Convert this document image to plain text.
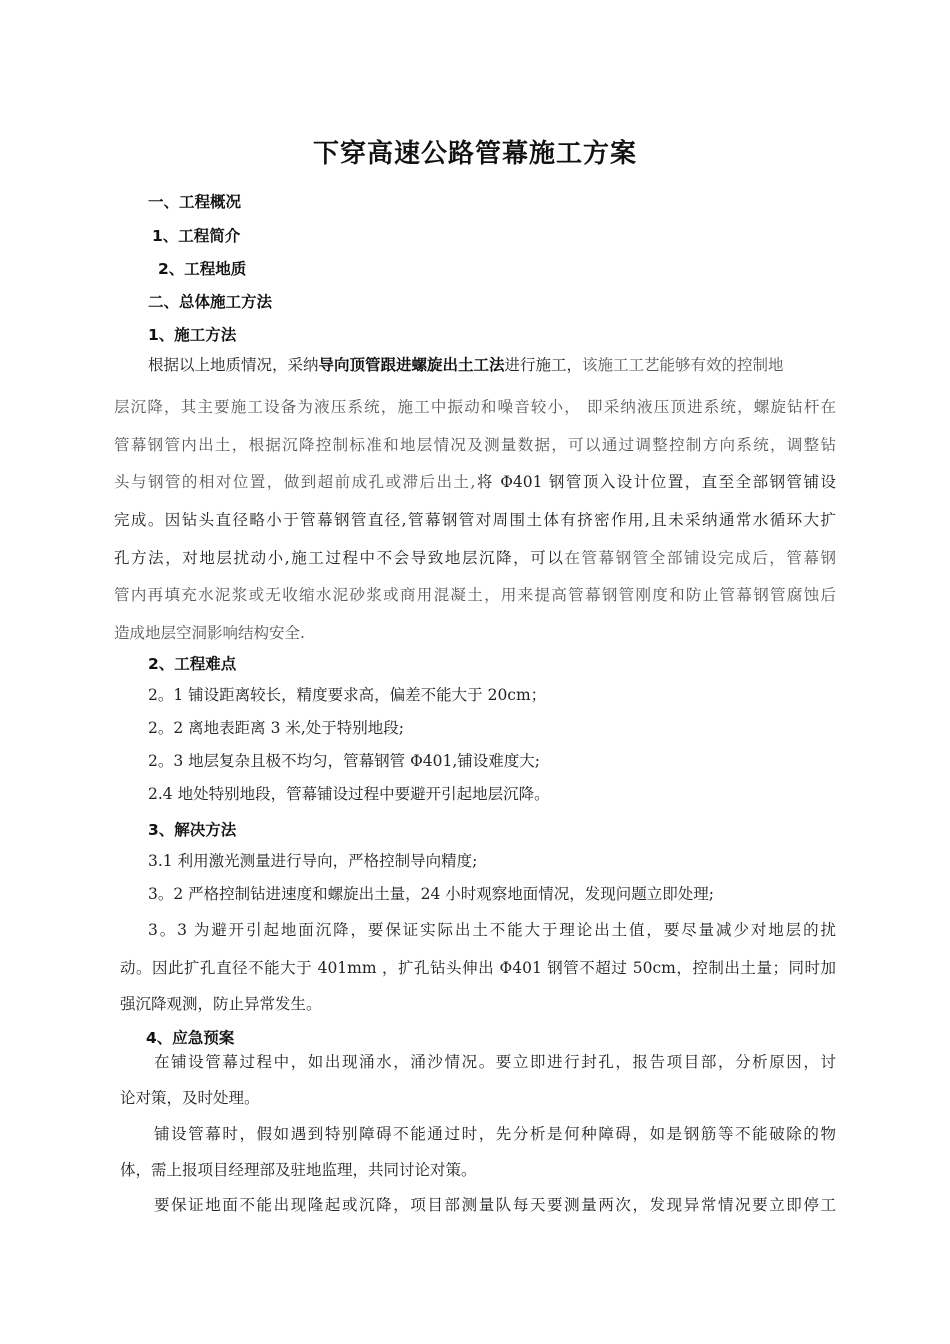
下穿高速公路管幕施工方案
一、工程概况
1、工程简介
2、工程地质
二、总体施工方法
1、施工方法
根据以上地质情况，采纳导向顶管跟进螺旋出土工法进行施工，该施工工艺能够有效的控制地
层沉降，其主要施工设备为液压系统，施工中振动和噪音较小， 即采纳液压顶进系统，螺旋钻杆在
管幕钢管内出土，根据沉降控制标准和地层情况及测量数据，可以通过调整控制方向系统，调整钻
头与钢管的相对位置，做到超前成孔或滞后出土,将 Φ401 钢管顶入设计位置，直至全部钢管铺设
完成。因钻头直径略小于管幕钢管直径,管幕钢管对周围土体有挤密作用,且未采纳通常水循环大扩
孔方法，对地层扰动小,施工过程中不会导致地层沉降，可以在管幕钢管全部铺设完成后，管幕钢
管内再填充水泥浆或无收缩水泥砂浆或商用混凝土，用来提高管幕钢管刚度和防止管幕钢管腐蚀后
造成地层空洞影响结构安全.
2、工程难点
2。1 铺设距离较长，精度要求高，偏差不能大于 20cm；
2。2 离地表距离 3 米,处于特别地段;
2。3 地层复杂且极不均匀，管幕钢管 Φ401,铺设难度大;
2.4 地处特别地段，管幕铺设过程中要避开引起地层沉降。
3、解决方法
3.1 利用激光测量进行导向，严格控制导向精度;
3。2 严格控制钻进速度和螺旋出土量，24 小时观察地面情况，发现问题立即处理;
3。3 为避开引起地面沉降，要保证实际出土不能大于理论出土值，要尽量减少对地层的扰
动。因此扩孔直径不能大于 401mm ，扩孔钻头伸出 Φ401 钢管不超过 50cm，控制出土量；同时加
强沉降观测，防止异常发生。
4、应急预案
在铺设管幕过程中，如出现涌水，涌沙情况。要立即进行封孔，报告项目部，分析原因，讨
论对策，及时处理。
铺设管幕时，假如遇到特别障碍不能通过时，先分析是何种障碍，如是钢筋等不能破除的物
体，需上报项目经理部及驻地监理，共同讨论对策。
要保证地面不能出现隆起或沉降，项目部测量队每天要测量两次，发现异常情况要立即停工
